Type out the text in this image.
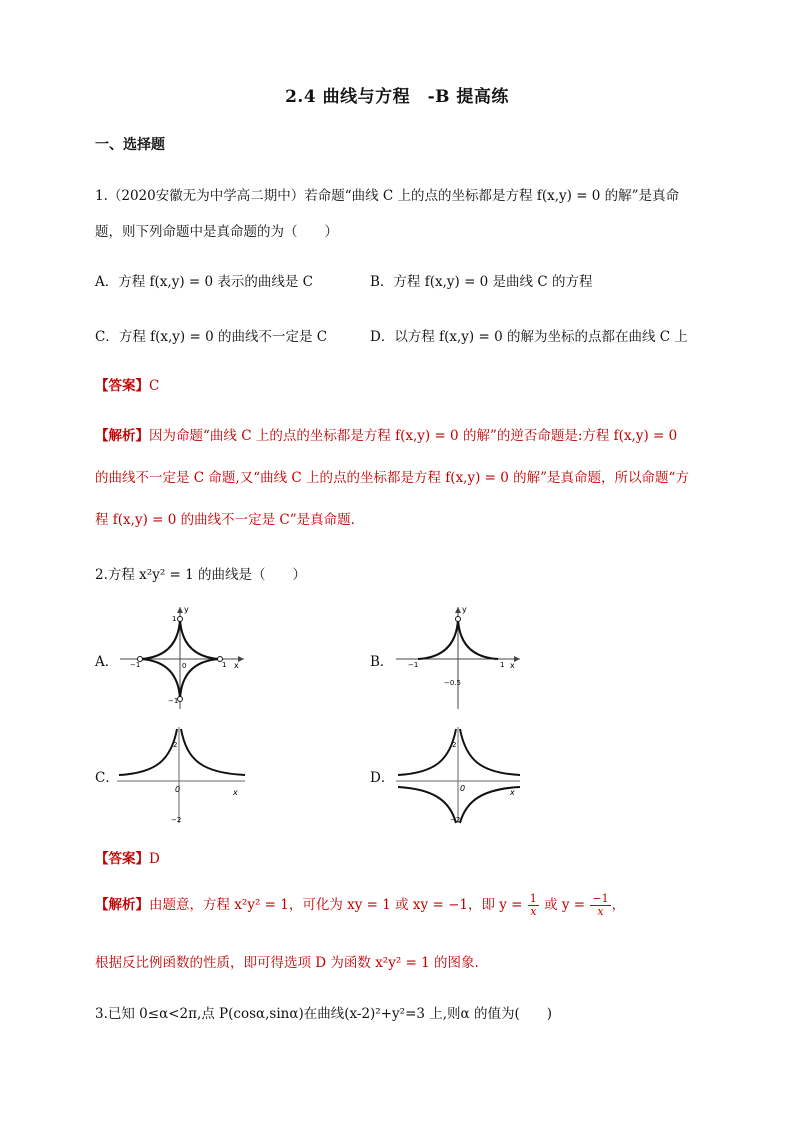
2.4 曲线与方程　-B 提高练
一、选择题
1.（2020安徽无为中学高二期中）若命题“曲线 C 上的点的坐标都是方程 f(x,y) = 0 的解”是真命
题，则下列命题中是真命题的为（　　）
A．方程 f(x,y) = 0 表示的曲线是 C	B．方程 f(x,y) = 0 是曲线 C 的方程
C．方程 f(x,y) = 0 的曲线不一定是 C	D．以方程 f(x,y) = 0 的解为坐标的点都在曲线 C 上
【答案】C
【解析】因为命题“曲线 C 上的点的坐标都是方程 f(x,y) = 0 的解”的逆否命题是:方程 f(x,y) = 0
的曲线不一定是 C 命题,又“曲线 C 上的点的坐标都是方程 f(x,y) = 0 的解”是真命题，所以命题“方
程 f(x,y) = 0 的曲线不一定是 C”是真命题.
2.方程 x²y² = 1 的曲线是（　　）
A．
y
x
0	1
−1
1
−1
B．
y
x
1
−1
−0.5
C．
2
−2
0	x
D．
2
−2
0	x
【答案】D
【解析】由题意，方程 x²y² = 1，可化为 xy = 1 或 xy = −1，即 $y = \frac{1}{x}$ 或 $y = \frac{-1}{x}$ ，
根据反比例函数的性质，即可得选项 D 为函数 x²y² = 1 的图象.
3.已知 0≤α<2π,点 P(cosα,sinα)在曲线(x-2)²+y²=3 上,则α 的值为(　　)
